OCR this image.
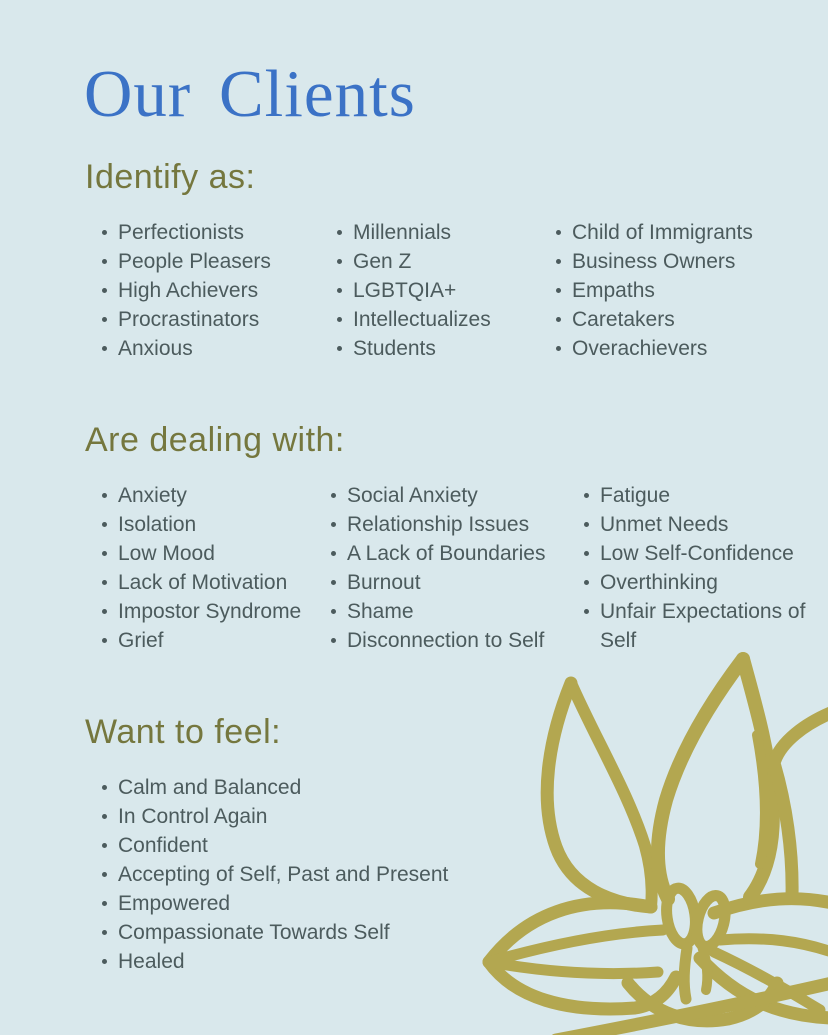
Our Clients
Identify as:
Perfectionists
People Pleasers
High Achievers
Procrastinators
Anxious
Millennials
Gen Z
LGBTQIA+
Intellectualizes
Students
Child of Immigrants
Business Owners
Empaths
Caretakers
Overachievers
Are dealing with:
Anxiety
Isolation
Low Mood
Lack of Motivation
Impostor Syndrome
Grief
Social Anxiety
Relationship Issues
A Lack of Boundaries
Burnout
Shame
Disconnection to Self
Fatigue
Unmet Needs
Low Self-Confidence
Overthinking
Unfair Expectations of Self
Want to feel:
Calm and Balanced
In Control Again
Confident
Accepting of Self, Past and Present
Empowered
Compassionate Towards Self
Healed
